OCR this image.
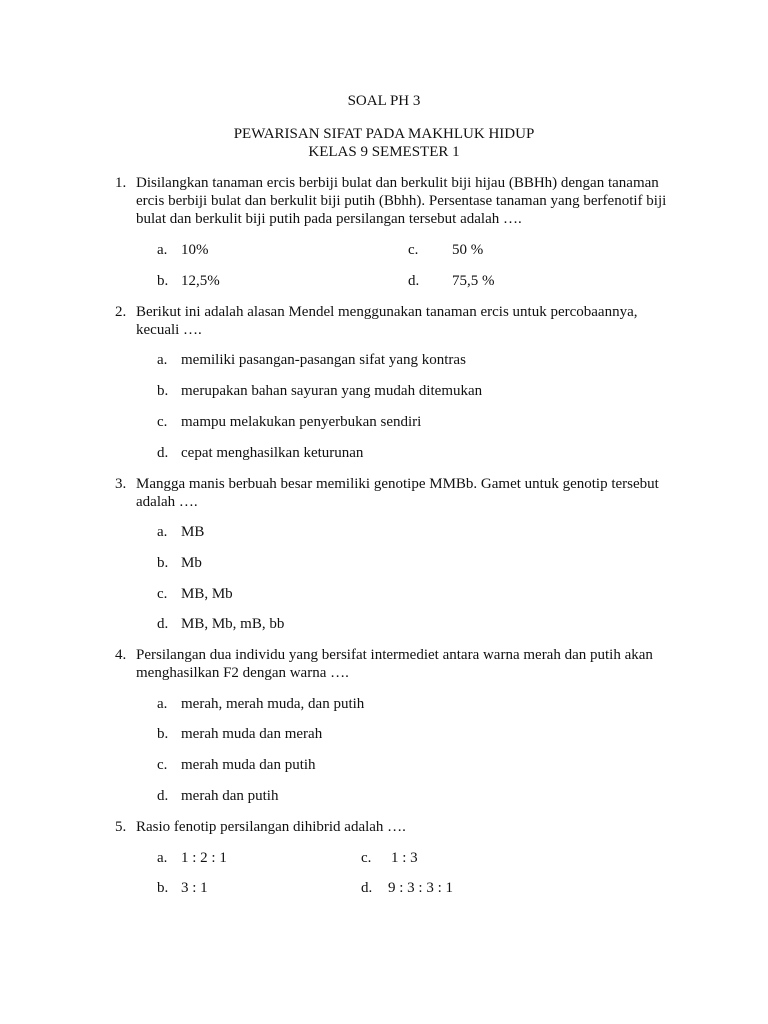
SOAL PH 3
PEWARISAN SIFAT PADA MAKHLUK HIDUP
KELAS 9 SEMESTER 1
1. Disilangkan tanaman ercis berbiji bulat dan berkulit biji hijau (BBHh) dengan tanaman
ercis berbiji bulat dan berkulit biji putih (Bbhh). Persentase tanaman yang berfenotif biji
bulat dan berkulit biji putih pada persilangan tersebut adalah ….
a. 10%
b. 12,5%
c. 50 %
d. 75,5 %
2. Berikut ini adalah alasan Mendel menggunakan tanaman ercis untuk percobaannya,
kecuali ….
a. memiliki pasangan-pasangan sifat yang kontras
b. merupakan bahan sayuran yang mudah ditemukan
c. mampu melakukan penyerbukan sendiri
d. cepat menghasilkan keturunan
3. Mangga manis berbuah besar memiliki genotipe MMBb. Gamet untuk genotip tersebut
adalah ….
a. MB
b. Mb
c. MB, Mb
d. MB, Mb, mB, bb
4. Persilangan dua individu yang bersifat intermediet antara warna merah dan putih akan
menghasilkan F2 dengan warna ….
a. merah, merah muda, dan putih
b. merah muda dan merah
c. merah muda dan putih
d. merah dan putih
5. Rasio fenotip persilangan dihibrid adalah ….
a. 1 : 2 : 1
b. 3 : 1
c. 1 : 3
d. 9 : 3 : 3 : 1
